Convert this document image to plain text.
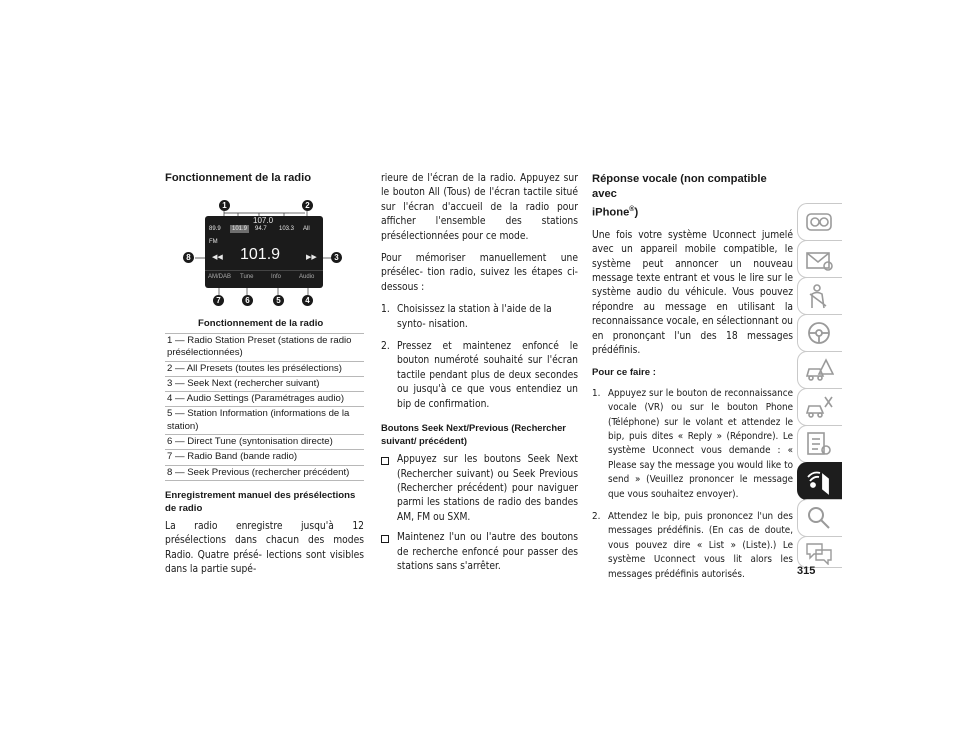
Fonctionnement de la radio
107.0
89.9	101.9	94.7 103.3 All
FM
◀◀ 101.9	▶▶
AM/DAB Tune	Info	Audio
1	2
3
4
5
6
7
8
Fonctionnement de la radio
1 — Radio Station Preset (stations de radio présélectionnées)
2 — All Presets (toutes les présélections)
3 — Seek Next (rechercher suivant)
4 — Audio Settings (Paramétrages audio)
5 — Station Information (informations de la station)
6 — Direct Tune (syntonisation directe)
7 — Radio Band (bande radio)
8 — Seek Previous (rechercher précédent)

Enregistrement manuel des présélections de radio

La radio enregistre jusqu'à 12 présélections dans chacun des modes Radio. Quatre présé- lections sont visibles dans la partie supé-

rieure de l'écran de la radio. Appuyez sur le bouton All (Tous) de l'écran tactile situé sur l'écran d'accueil de la radio pour afficher l'ensemble des stations présélectionnées pour ce mode.

Pour mémoriser manuellement une présélec- tion radio, suivez les étapes ci-dessous :

1. Choisissez la station à l'aide de la synto- nisation.
2. Pressez et maintenez enfoncé le bouton numéroté souhaité sur l'écran tactile pendant plus de deux secondes ou jusqu'à ce que vous entendiez un bip de confirmation.

Boutons Seek Next/Previous (Rechercher suivant/ précédent)

Appuyez sur les boutons Seek Next (Rechercher suivant) ou Seek Previous (Rechercher précédent) pour naviguer parmi les stations de radio des bandes AM, FM ou SXM.
Maintenez l'un ou l'autre des boutons de recherche enfoncé pour passer des stations sans s'arrêter.
Réponse vocale (non compatible avec
iPhone®)

Une fois votre système Uconnect jumelé avec un appareil mobile compatible, le système peut annoncer un nouveau message texte entrant et vous le lire sur le système audio du véhicule. Vous pouvez répondre au message en utilisant la reconnaissance vocale, en sélectionnant ou en prononçant l'un des 18 messages prédéfinis.

Pour ce faire :

1. Appuyez sur le bouton de reconnaissance vocale (VR) ou sur le bouton Phone (Téléphone) sur le volant et attendez le bip, puis dites « Reply » (Répondre). Le système Uconnect vous demande : « Please say the message you would like to send » (Veuillez prononcer le message que vous souhaitez envoyer).
2. Attendez le bip, puis prononcez l'un des messages prédéfinis. (En cas de doute, vous pouvez dire « List » (Liste).) Le système Uconnect vous lit alors les messages prédéfinis autorisés.	315
